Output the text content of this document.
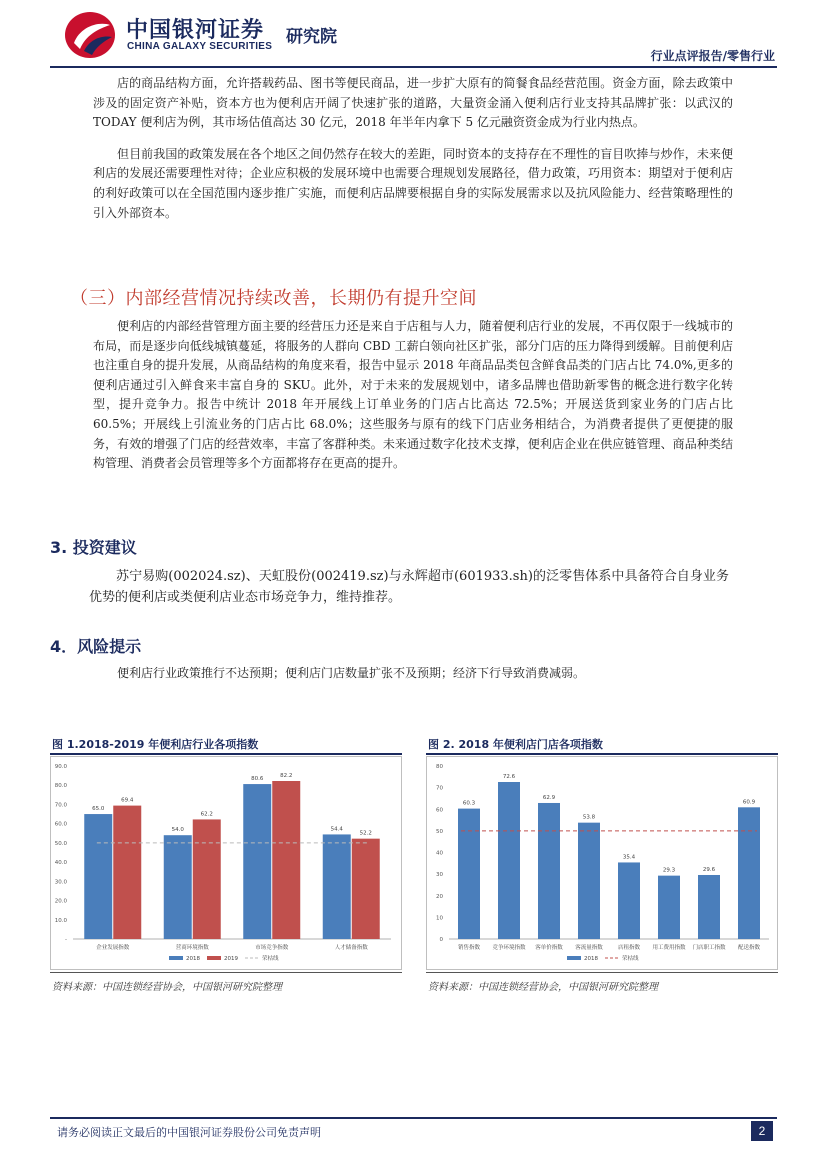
中国银河证券
CHINA GALAXY SECURITIES 研究院
行业点评报告/零售行业

店的商品结构方面，允许搭载药品、图书等便民商品，进一步扩大原有的简餐食品经营范围。资金方面，除去政策中涉及的固定资产补贴，资本方也为便利店开阔了快速扩张的道路，大量资金涌入便利店行业支持其品牌扩张：以武汉的 TODAY 便利店为例，其市场估值高达 30 亿元，2018 年半年内拿下 5 亿元融资资金成为行业内热点。

但目前我国的政策发展在各个地区之间仍然存在较大的差距，同时资本的支持存在不理性的盲目吹捧与炒作，未来便利店的发展还需要理性对待；企业应积极的发展环境中也需要合理规划发展路径，借力政策，巧用资本：期望对于便利店的利好政策可以在全国范围内逐步推广实施，而便利店品牌要根据自身的实际发展需求以及抗风险能力、经营策略理性的引入外部资本。

（三）内部经营情况持续改善，长期仍有提升空间

便利店的内部经营管理方面主要的经营压力还是来自于店租与人力，随着便利店行业的发展，不再仅限于一线城市的布局，而是逐步向低线城镇蔓延，将服务的人群向 CBD 工薪白领向社区扩张，部分门店的压力降得到缓解。目前便利店也注重自身的提升发展，从商品结构的角度来看，报告中显示 2018 年商品品类包含鲜食品类的门店占比 74.0%,更多的便利店通过引入鲜食来丰富自身的 SKU。此外，对于未来的发展规划中，诸多品牌也借助新零售的概念进行数字化转型，提升竞争力。报告中统计 2018 年开展线上订单业务的门店占比高达 72.5%；开展送货到家业务的门店占比 60.5%；开展线上引流业务的门店占比 68.0%；这些服务与原有的线下门店业务相结合，为消费者提供了更便捷的服务，有效的增强了门店的经营效率，丰富了客群种类。未来通过数字化技术支撑，便利店企业在供应链管理、商品种类结构管理、消费者会员管理等多个方面都将存在更高的提升。

3. 投资建议
苏宁易购(002024.sz)、天虹股份(002419.sz)与永辉超市(601933.sh)的泛零售体系中具备符合自身业务优势的便利店或类便利店业态市场竞争力，维持推荐。
4．风险提示
便利店行业政策推行不达预期；便利店门店数量扩张不及预期；经济下行导致消费减弱。
图 1.2018-2019 年便利店行业各项指数
-
10.0
20.0
30.0
40.0
50.0
60.0
70.0
80.0
90.0
65.0
69.4
企业发展指数
54.0
62.2
营商环境指数
80.6
82.2
市场竞争指数
54.4
52.2
人才储备指数
2018	2019	荣枯线
资料来源：中国连锁经营协会，中国银河研究院整理
图 2. 2018 年便利店门店各项指数
0
10
20
30
40
50
60
70
80
60.3
销售指数
72.6
竞争环境指数
62.9
客单价指数
53.8
客流量指数
35.4
店租指数
29.3
用工费用指数
29.6
门店职工指数
60.9
配送指数
2018	荣枯线
资料来源：中国连锁经营协会，中国银河研究院整理
请务必阅读正文最后的中国银河证券股份公司免责声明	2
